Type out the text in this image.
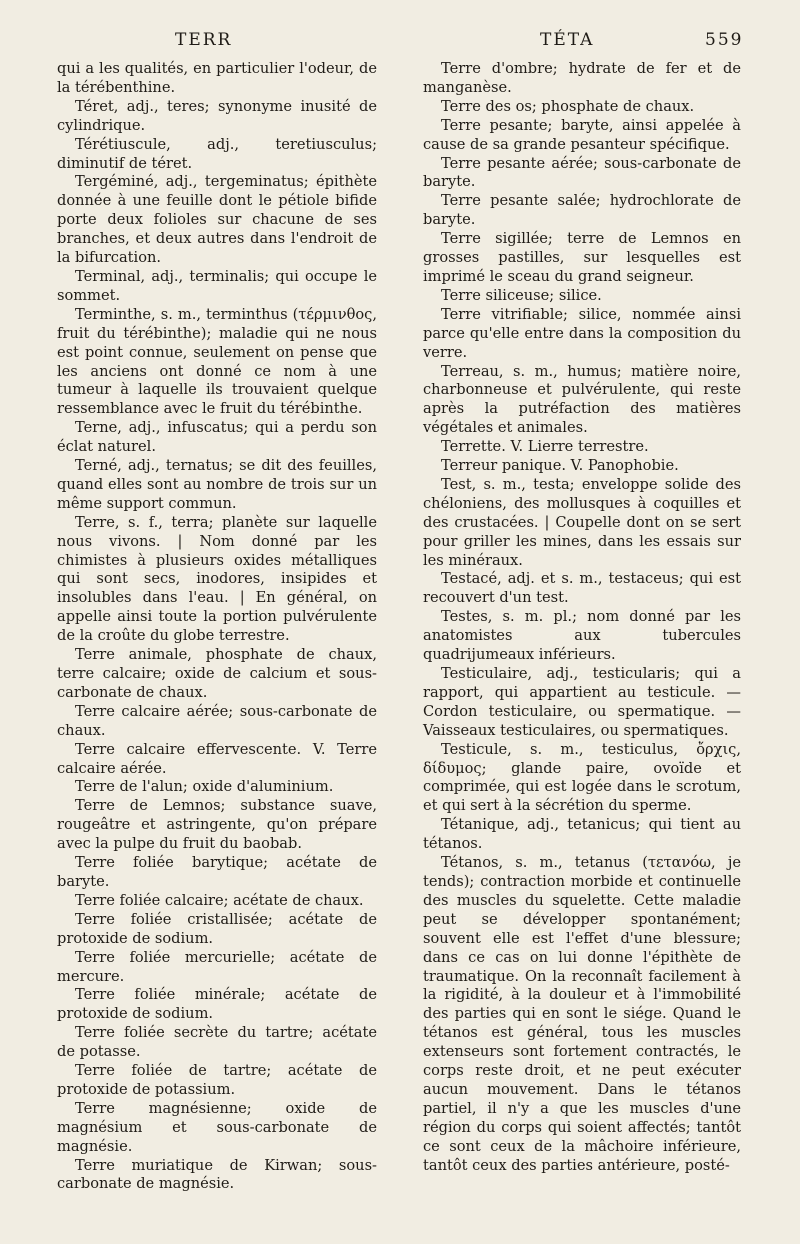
TERR	TÉTA	559

qui a les qualités, en particulier l'odeur, de la térébenthine.

Téret, adj., teres; synonyme inusité de cylindrique.

Térétiuscule, adj., teretiusculus; diminutif de téret.

Tergéminé, adj., tergeminatus; épithète donnée à une feuille dont le pétiole bifide porte deux folioles sur chacune de ses branches, et deux autres dans l'endroit de la bifurcation.

Terminal, adj., terminalis; qui occupe le sommet.

Terminthe, s. m., terminthus (τέρμινθος, fruit du térébinthe); maladie qui ne nous est point connue, seulement on pense que les anciens ont donné ce nom à une tumeur à laquelle ils trouvaient quelque ressemblance avec le fruit du térébinthe.

Terne, adj., infuscatus; qui a perdu son éclat naturel.

Terné, adj., ternatus; se dit des feuilles, quand elles sont au nombre de trois sur un même support commun.

Terre, s. f., terra; planète sur laquelle nous vivons. | Nom donné par les chimistes à plusieurs oxides métalliques qui sont secs, inodores, insipides et insolubles dans l'eau. | En général, on appelle ainsi toute la portion pulvérulente de la croûte du globe terrestre.

Terre animale, phosphate de chaux, terre calcaire; oxide de calcium et sous-carbonate de chaux.

Terre calcaire aérée; sous-carbonate de chaux.

Terre calcaire effervescente. V. Terre calcaire aérée.

Terre de l'alun; oxide d'aluminium.

Terre de Lemnos; substance suave, rougeâtre et astringente, qu'on prépare avec la pulpe du fruit du baobab.

Terre foliée barytique; acétate de baryte.

Terre foliée calcaire; acétate de chaux.

Terre foliée cristallisée; acétate de protoxide de sodium.

Terre foliée mercurielle; acétate de mercure.

Terre foliée minérale; acétate de protoxide de sodium.

Terre foliée secrète du tartre; acétate de potasse.

Terre foliée de tartre; acétate de protoxide de potassium.

Terre magnésienne; oxide de magnésium et sous-carbonate de magnésie.

Terre muriatique de Kirwan; sous-carbonate de magnésie.

Terre d'ombre; hydrate de fer et de manganèse.

Terre des os; phosphate de chaux.

Terre pesante; baryte, ainsi appelée à cause de sa grande pesanteur spécifique.

Terre pesante aérée; sous-carbonate de baryte.

Terre pesante salée; hydrochlorate de baryte.

Terre sigillée; terre de Lemnos en grosses pastilles, sur lesquelles est imprimé le sceau du grand seigneur.

Terre siliceuse; silice.

Terre vitrifiable; silice, nommée ainsi parce qu'elle entre dans la composition du verre.

Terreau, s. m., humus; matière noire, charbonneuse et pulvérulente, qui reste après la putréfaction des matières végétales et animales.

Terrette. V. Lierre terrestre.

Terreur panique. V. Panophobie.

Test, s. m., testa; enveloppe solide des chéloniens, des mollusques à coquilles et des crustacées. | Coupelle dont on se sert pour griller les mines, dans les essais sur les minéraux.

Testacé, adj. et s. m., testaceus; qui est recouvert d'un test.

Testes, s. m. pl.; nom donné par les anatomistes aux tubercules quadrijumeaux inférieurs.

Testiculaire, adj., testicularis; qui a rapport, qui appartient au testicule. — Cordon testiculaire, ou spermatique. — Vaisseaux testiculaires, ou spermatiques.

Testicule, s. m., testiculus, ὄρχις, δίδυμος; glande paire, ovoïde et comprimée, qui est logée dans le scrotum, et qui sert à la sécrétion du sperme.

Tétanique, adj., tetanicus; qui tient au tétanos.

Tétanos, s. m., tetanus (τετανόω, je tends); contraction morbide et continuelle des muscles du squelette. Cette maladie peut se développer spontanément; souvent elle est l'effet d'une blessure; dans ce cas on lui donne l'épithète de traumatique. On la reconnaît facilement à la rigidité, à la douleur et à l'immobilité des parties qui en sont le siége. Quand le tétanos est général, tous les muscles extenseurs sont fortement contractés, le corps reste droit, et ne peut exécuter aucun mouvement. Dans le tétanos partiel, il n'y a que les muscles d'une région du corps qui soient affectés; tantôt ce sont ceux de la mâchoire inférieure, tantôt ceux des parties antérieure, posté-
